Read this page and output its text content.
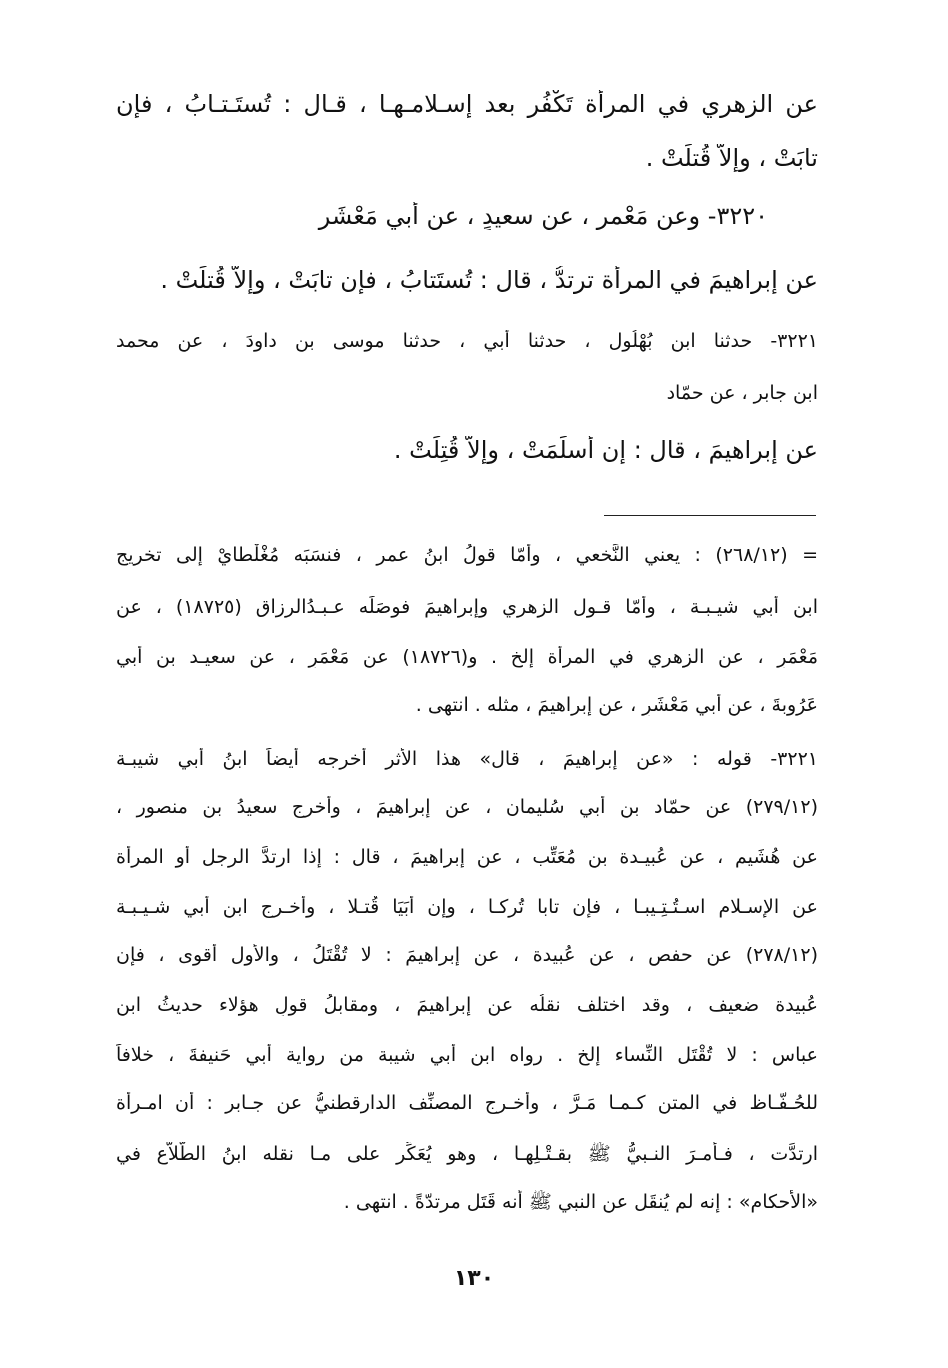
عن الزهري في المرأة تَكْفُر بعد إسـلامـهـا ، قـال : تُستَـتـابُ ، فإن
تابَتْ ، وإلاّ قُتلَتْ .
٣٢٢٠- وعن مَعْمر ، عن سعيدٍ ، عن أبي مَعْشَرٍ
عن إبراهيمَ في المرأة ترتدُّ ، قال : تُستَتابُ ، فإن تابَتْ ، وإلاّ قُتلَتْ .
٣٢٢١- حدثنا ابن بُهْلُول ، حدثنا أبي ، حدثنا موسى بن داودَ ، عن محمد
ابن جابر ، عن حمّاد
عن إبراهيمَ ، قال : إن أسلَمَتْ ، وإلاّ قُتِلَتْ .
= (٢٦٨/١٢) : يعني النَّخعي ، وأمّا قولُ ابنُ عمر ، فنسَبَه مُغْلْطايْ إلى تخريج
ابن أبي شيـبـة ، وأمّا قـول الزهري وإبراهيمَ فوصَلَه عـبـدُالرزاق (١٨٧٢٥) ، عن
مَعْمَرٍ ، عن الزهري في المرأة إلخ . و(١٨٧٢٦) عن مَعْمَرٍ ، عن سعيـد بن أبي
عَرُوبةَ ، عن أبي مَعْشَرٍ ، عن إبراهيمَ ، مثله . انتهى .
٣٢٢١- قوله : «عن إبراهيمَ ، قال» هذا الأثر أخرجه أيضاً ابنُ أبي شيبـة
(٢٧٩/١٢) عن حمّاد بن أبي سُليمان ، عن إبراهيمَ ، وأخرج سعيدُ بن منصور ،
عن هُشَيم ، عن عُبيـدة بن مُعَتِّب ، عن إبراهيمَ ، قال : إذا ارتدَّ الرجل أو المرأة
عن الإسـلام اسـتُـتِـيبـا ، فإن تابا تُركـا ، وإن أبَيَا قُتـلا ، وأخـرج ابن أبي شـيـبـة
(٢٧٨/١٢) عن حفصٍ ، عن عُبيدة ، عن إبراهيمَ : لا تُقْتَلُ ، والأول أقوى ، فإن
عُبيدة ضعيف ، وقد اختلف نقلُه عن إبراهيمَ ، ومقابلُ قولِ هؤلاء حديثُ ابن
عباس : لا تُقْتَل النِّساء إلخ . رواه ابن أبي شيبة من رواية أبي حَنيفةَ ، خلافاً
للحُـفَّـاظ في المتن كـمـا مَـرَّ ، وأخـرج المصنِّف الدارقطنيُّ عن جـابر : أن امـرأة
ارتدَّت ، فـأمـرَ النـبيُّ ﷺ بقـتْـلِهـا ، وهو يُعَكِّر على مـا نقله ابنُ الطَّلاَّع في
«الأحكام» : إنه لم يُنقَل عن النبي ﷺ أنه قَتَل مرتدّةً . انتهى .
١٣٠
